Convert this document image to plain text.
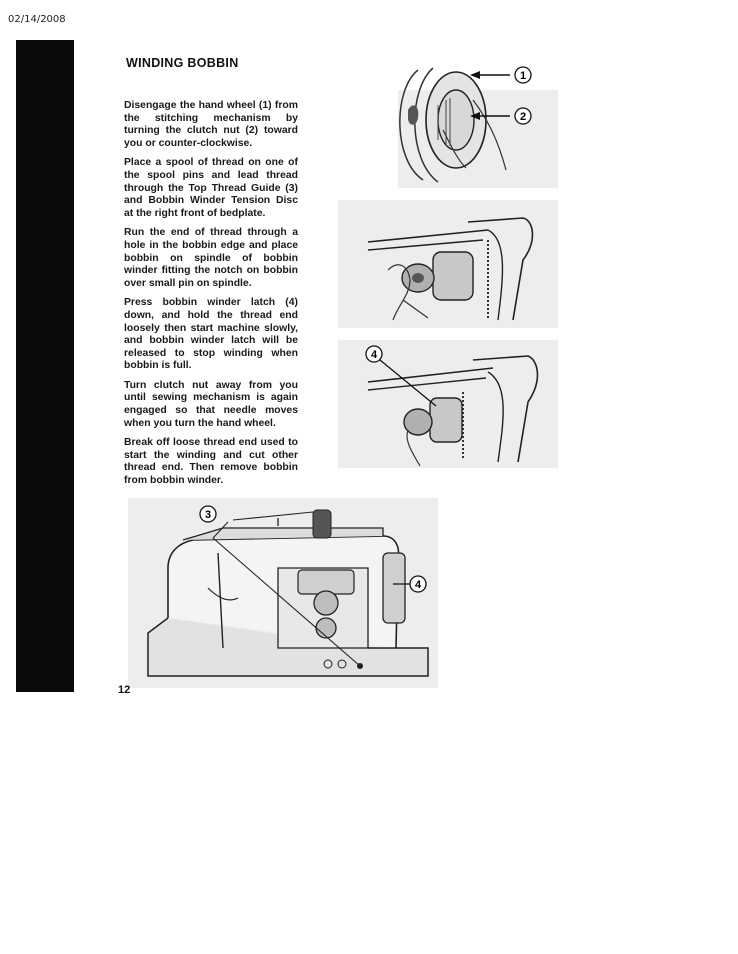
02/14/2008
WINDING BOBBIN

Disengage the hand wheel (1) from the stitching mechanism by turning the clutch nut (2) toward you or counter-clockwise.

Place a spool of thread on one of the spool pins and lead thread through the Top Thread Guide (3) and Bobbin Winder Tension Disc at the right front of bedplate.

Run the end of thread through a hole in the bobbin edge and place bobbin on spindle of bobbin winder fitting the notch on bobbin over small pin on spindle.

Press bobbin winder latch (4) down, and hold the thread end loosely then start machine slowly, and bobbin winder latch will be released to stop winding when bobbin is full.

Turn clutch nut away from you until sewing mechanism is again engaged so that needle moves when you turn the hand wheel.

Break off loose thread end used to start the winding and cut other thread end. Then remove bobbin from bobbin winder.

1
2
4
3
4
12
